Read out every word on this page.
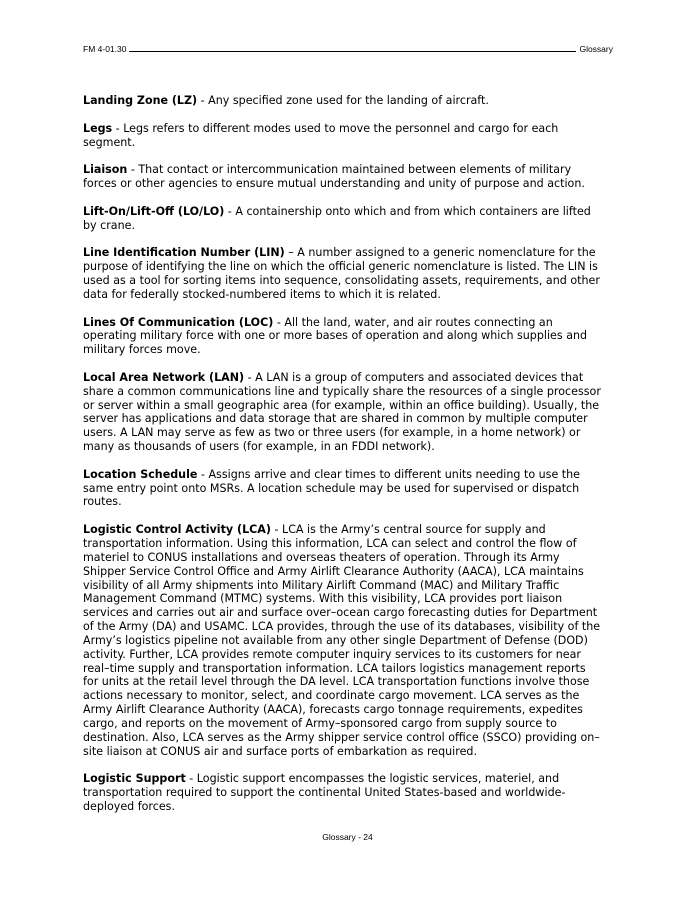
FM 4-01.30	Glossary

Landing Zone (LZ) - Any specified zone used for the landing of aircraft.

Legs - Legs refers to different modes used to move the personnel and cargo for each segment.

Liaison - That contact or intercommunication maintained between elements of military forces or other agencies to ensure mutual understanding and unity of purpose and action.

Lift-On/Lift-Off (LO/LO) - A containership onto which and from which containers are lifted by crane.

Line Identification Number (LIN) – A number assigned to a generic nomenclature for the purpose of identifying the line on which the official generic nomenclature is listed. The LIN is used as a tool for sorting items into sequence, consolidating assets, requirements, and other data for federally stocked-numbered items to which it is related.

Lines Of Communication (LOC) - All the land, water, and air routes connecting an operating military force with one or more bases of operation and along which supplies and military forces move.

Local Area Network (LAN) - A LAN is a group of computers and associated devices that share a common communications line and typically share the resources of a single processor or server within a small geographic area (for example, within an office building). Usually, the server has applications and data storage that are shared in common by multiple computer users. A LAN may serve as few as two or three users (for example, in a home network) or many as thousands of users (for example, in an FDDI network).

Location Schedule - Assigns arrive and clear times to different units needing to use the same entry point onto MSRs. A location schedule may be used for supervised or dispatch routes.

Logistic Control Activity (LCA) - LCA is the Army’s central source for supply and transportation information. Using this information, LCA can select and control the flow of materiel to CONUS installations and overseas theaters of operation. Through its Army Shipper Service Control Office and Army Airlift Clearance Authority (AACA), LCA maintains visibility of all Army shipments into Military Airlift Command (MAC) and Military Traffic Management Command (MTMC) systems. With this visibility, LCA provides port liaison services and carries out air and surface over–ocean cargo forecasting duties for Department of the Army (DA) and USAMC. LCA provides, through the use of its databases, visibility of the Army’s logistics pipeline not available from any other single Department of Defense (DOD) activity. Further, LCA provides remote computer inquiry services to its customers for near real–time supply and transportation information. LCA tailors logistics management reports for units at the retail level through the DA level. LCA transportation functions involve those actions necessary to monitor, select, and coordinate cargo movement. LCA serves as the Army Airlift Clearance Authority (AACA), forecasts cargo tonnage requirements, expedites cargo, and reports on the movement of Army–sponsored cargo from supply source to destination. Also, LCA serves as the Army shipper service control office (SSCO) providing on–site liaison at CONUS air and surface ports of embarkation as required.

Logistic Support - Logistic support encompasses the logistic services, materiel, and transportation required to support the continental United States-based and worldwide-deployed forces.

Glossary - 24
